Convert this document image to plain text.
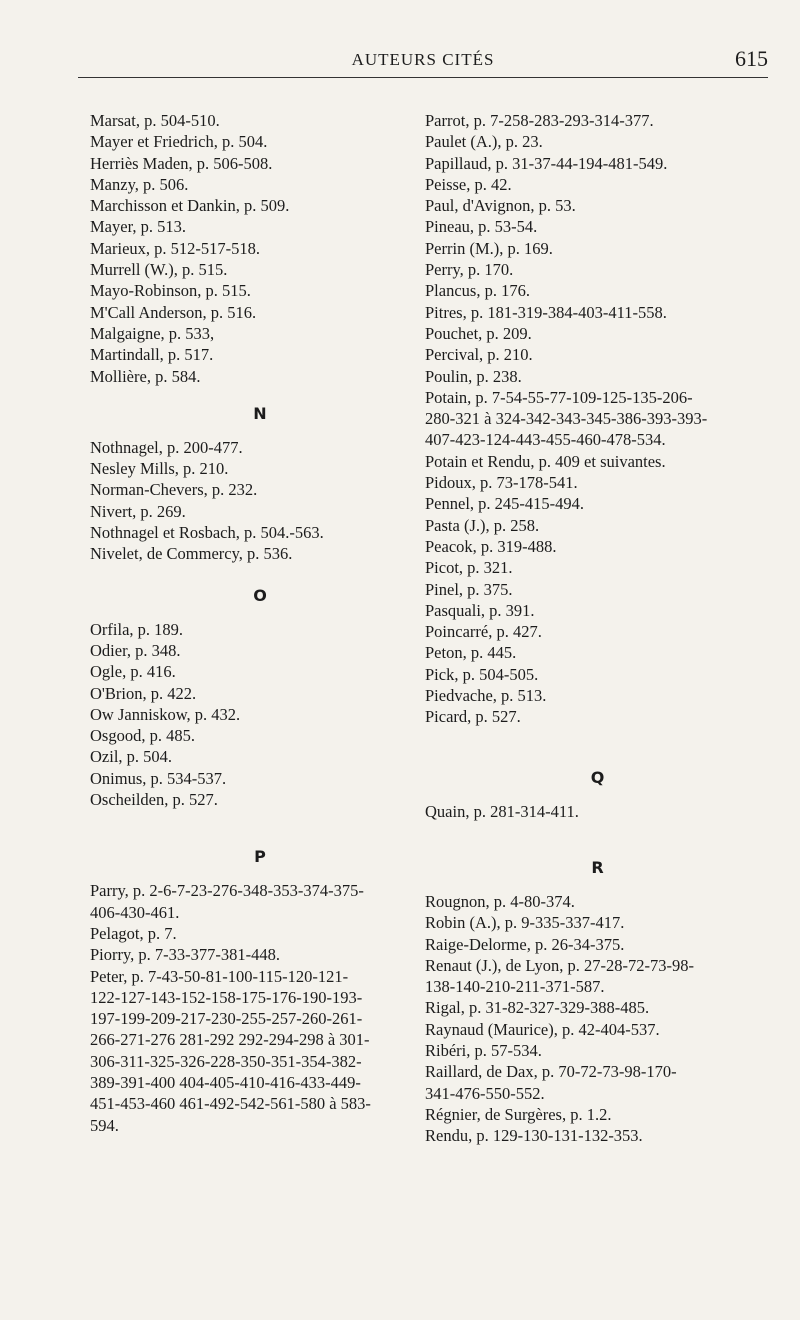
AUTEURS CITÉS	615
Marsat, p. 504-510.
Mayer et Friedrich, p. 504.
Herriès Maden, p. 506-508.
Manzy, p. 506.
Marchisson et Dankin, p. 509.
Mayer, p. 513.
Marieux, p. 512-517-518.
Murrell (W.), p. 515.
Mayo-Robinson, p. 515.
M'Call Anderson, p. 516.
Malgaigne, p. 533,
Martindall, p. 517.
Mollière, p. 584.
N
Nothnagel, p. 200-477.
Nesley Mills, p. 210.
Norman-Chevers, p. 232.
Nivert, p. 269.
Nothnagel et Rosbach, p. 504.-563.
Nivelet, de Commercy, p. 536.
O
Orfila, p. 189.
Odier, p. 348.
Ogle, p. 416.
O'Brion, p. 422.
Ow Janniskow, p. 432.
Osgood, p. 485.
Ozil, p. 504.
Onimus, p. 534-537.
Oscheilden, p. 527.
P
Parry, p. 2-6-7-23-276-348-353-374-375-
406-430-461.
Pelagot, p. 7.
Piorry, p. 7-33-377-381-448.
Peter, p. 7-43-50-81-100-115-120-121-
122-127-143-152-158-175-176-190-193-
197-199-209-217-230-255-257-260-261-
266-271-276 281-292 292-294-298 à 301-
306-311-325-326-228-350-351-354-382-
389-391-400 404-405-410-416-433-449-
451-453-460 461-492-542-561-580 à 583-
594.
Parrot, p. 7-258-283-293-314-377.
Paulet (A.), p. 23.
Papillaud, p. 31-37-44-194-481-549.
Peisse, p. 42.
Paul, d'Avignon, p. 53.
Pineau, p. 53-54.
Perrin (M.), p. 169.
Perry, p. 170.
Plancus, p. 176.
Pitres, p. 181-319-384-403-411-558.
Pouchet, p. 209.
Percival, p. 210.
Poulin, p. 238.
Potain, p. 7-54-55-77-109-125-135-206-
280-321 à 324-342-343-345-386-393-393-
407-423-124-443-455-460-478-534.
Potain et Rendu, p. 409 et suivantes.
Pidoux, p. 73-178-541.
Pennel, p. 245-415-494.
Pasta (J.), p. 258.
Peacok, p. 319-488.
Picot, p. 321.
Pinel, p. 375.
Pasquali, p. 391.
Poincarré, p. 427.
Peton, p. 445.
Pick, p. 504-505.
Piedvache, p. 513.
Picard, p. 527.
Q
Quain, p. 281-314-411.
R
Rougnon, p. 4-80-374.
Robin (A.), p. 9-335-337-417.
Raige-Delorme, p. 26-34-375.
Renaut (J.), de Lyon, p. 27-28-72-73-98-
138-140-210-211-371-587.
Rigal, p. 31-82-327-329-388-485.
Raynaud (Maurice), p. 42-404-537.
Ribéri, p. 57-534.
Raillard, de Dax, p. 70-72-73-98-170-
341-476-550-552.
Régnier, de Surgères, p. 1.2.
Rendu, p. 129-130-131-132-353.
